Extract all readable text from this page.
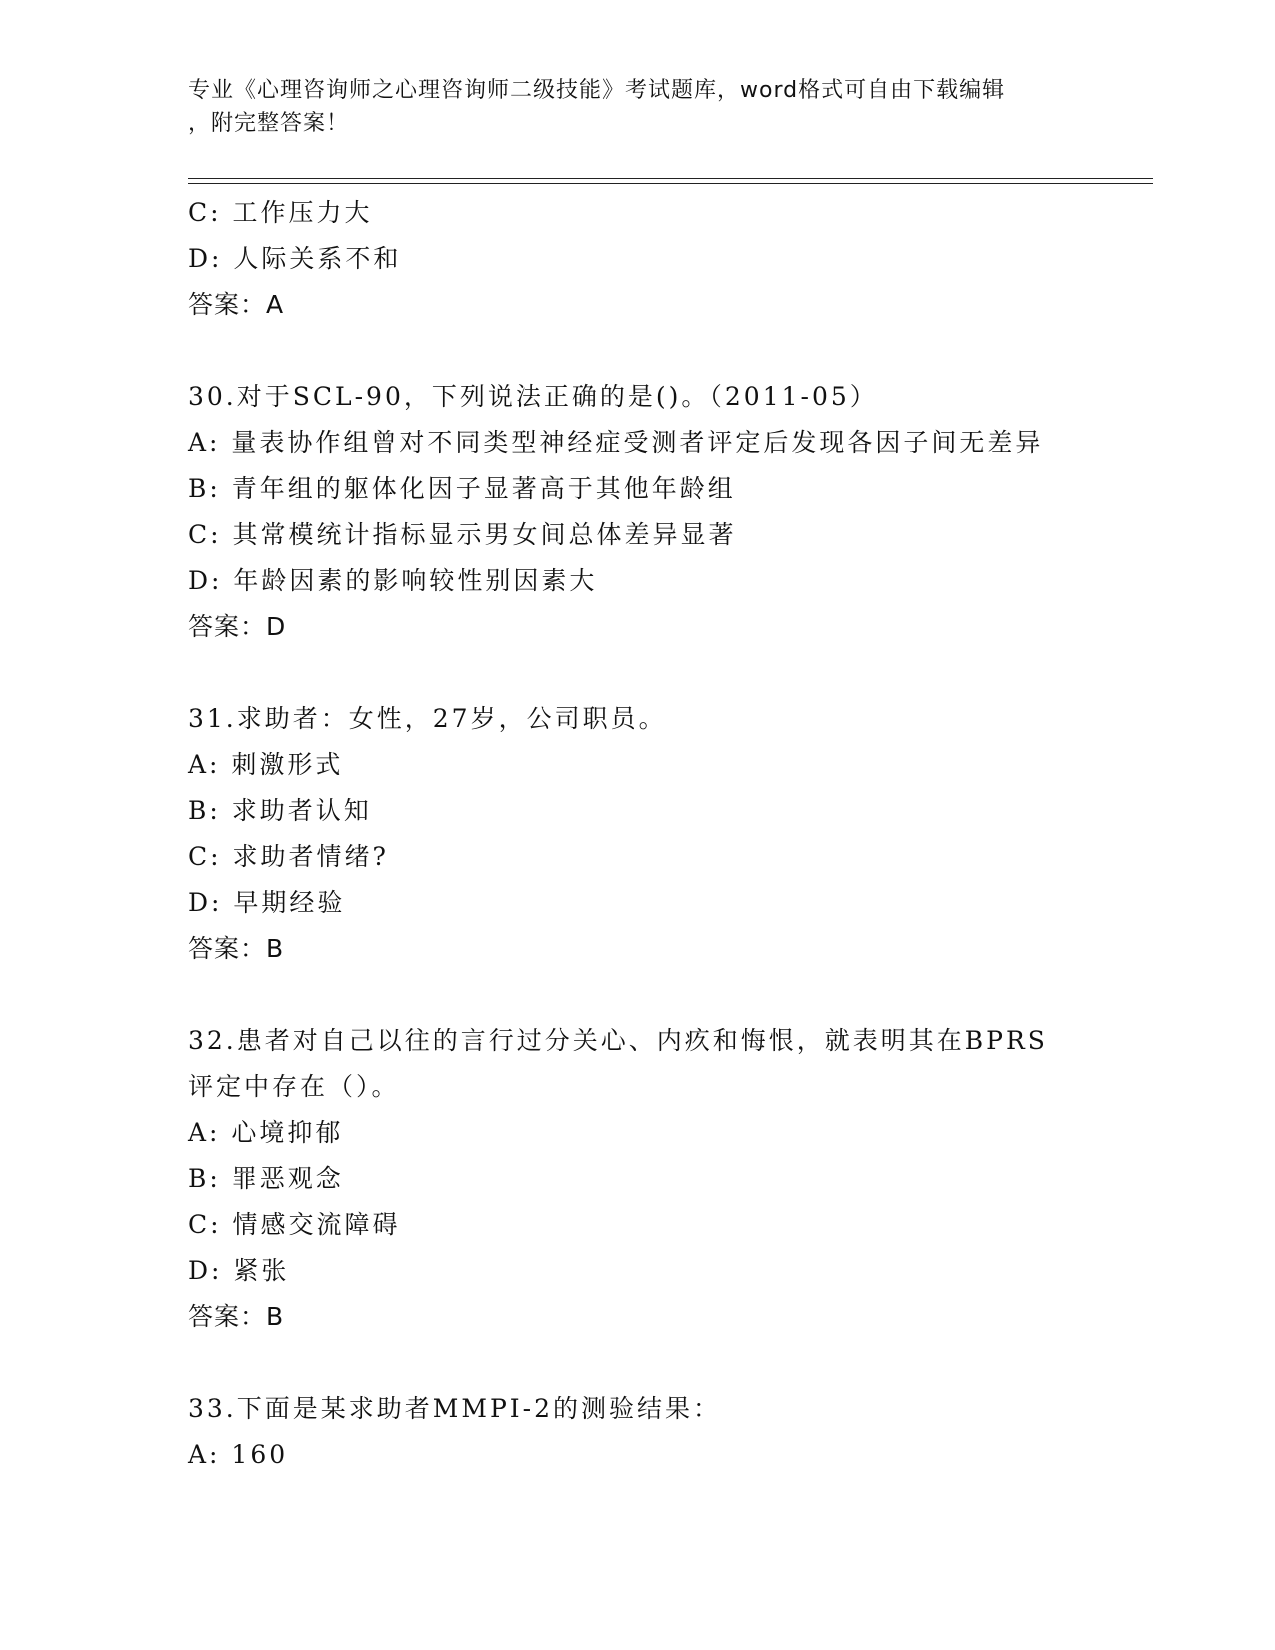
专业《心理咨询师之心理咨询师二级技能》考试题库，word格式可自由下载编辑
，附完整答案！
C: 工作压力大
D: 人际关系不和
答案：A
30.对于SCL-90，下列说法正确的是()。（2011-05）
A: 量表协作组曾对不同类型神经症受测者评定后发现各因子间无差异
B: 青年组的躯体化因子显著高于其他年龄组
C: 其常模统计指标显示男女间总体差异显著
D: 年龄因素的影响较性别因素大
答案：D
31.求助者：女性，27岁，公司职员。
A: 刺激形式
B: 求助者认知
C: 求助者情绪?
D: 早期经验
答案：B
32.患者对自己以往的言行过分关心、内疚和悔恨，就表明其在BPRS
评定中存在（）。
A: 心境抑郁
B: 罪恶观念
C: 情感交流障碍
D: 紧张
答案：B
33.下面是某求助者MMPI-2的测验结果：
A: 160
